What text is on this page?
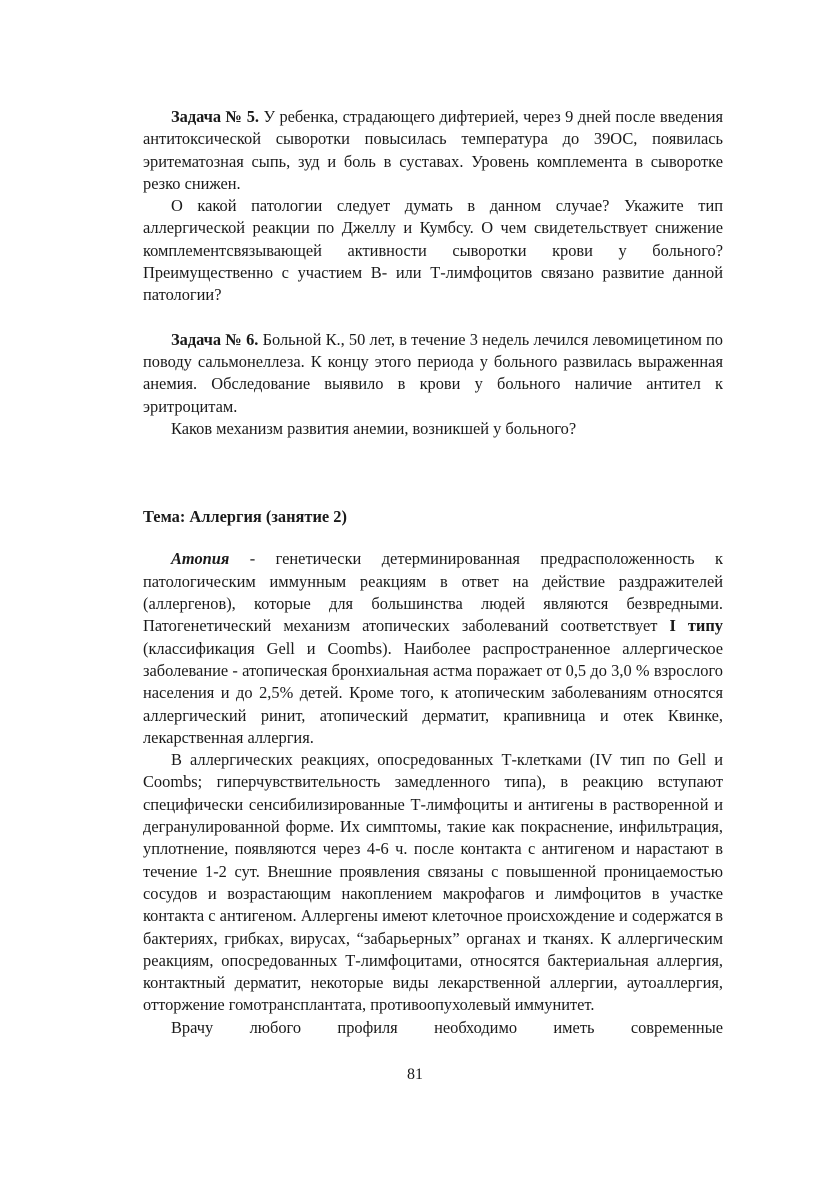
Задача № 5. У ребенка, страдающего дифтерией, через 9 дней после введения антитоксической сыворотки повысилась температура до 39ОС, появилась эритематозная сыпь, зуд и боль в суставах. Уровень комплемента в сыворотке резко снижен.

О какой патологии следует думать в данном случае? Укажите тип аллергической реакции по Джеллу и Кумбсу. О чем свидетельствует снижение комплементсвязывающей активности сыворотки крови у больного? Преимущественно с участием В- или Т-лимфоцитов связано развитие данной патологии?

Задача № 6. Больной К., 50 лет, в течение 3 недель лечился левомицетином по поводу сальмонеллеза. К концу этого периода у больного развилась выраженная анемия. Обследование выявило в крови у больного наличие антител к эритроцитам.

Каков механизм развития анемии, возникшей у больного?

Тема: Аллергия (занятие 2)

Атопия - генетически детерминированная предрасположенность к патологическим иммунным реакциям в ответ на действие раздражителей (аллергенов), которые для большинства людей являются безвредными. Патогенетический механизм атопических заболеваний соответствует I типу (классификация Gell и Coombs). Наиболее распространенное аллергическое заболевание - атопическая бронхиальная астма поражает от 0,5 до 3,0 % взрослого населения и до 2,5% детей. Кроме того, к атопическим заболеваниям относятся аллергический ринит, атопический дерматит, крапивница и отек Квинке, лекарственная аллергия.

В аллергических реакциях, опосредованных Т-клетками (IV тип по Gell и Coombs; гиперчувствительность замедленного типа), в реакцию вступают специфически сенсибилизированные Т-лимфоциты и антигены в растворенной и дегранулированной форме. Их симптомы, такие как покраснение, инфильтрация, уплотнение, появляются через 4-6 ч. после контакта с антигеном и нарастают в течение 1-2 сут. Внешние проявления связаны с повышенной проницаемостью сосудов и возрастающим накоплением макрофагов и лимфоцитов в участке контакта с антигеном. Аллергены имеют клеточное происхождение и содержатся в бактериях, грибках, вирусах, “забарьерных” органах и тканях. К аллергическим реакциям, опосредованных Т-лимфоцитами, относятся бактериальная аллергия, контактный дерматит, некоторые виды лекарственной аллергии, аутоаллергия, отторжение гомотрансплантата, противоопухолевый иммунитет.

Врачу любого профиля необходимо иметь современные

81
